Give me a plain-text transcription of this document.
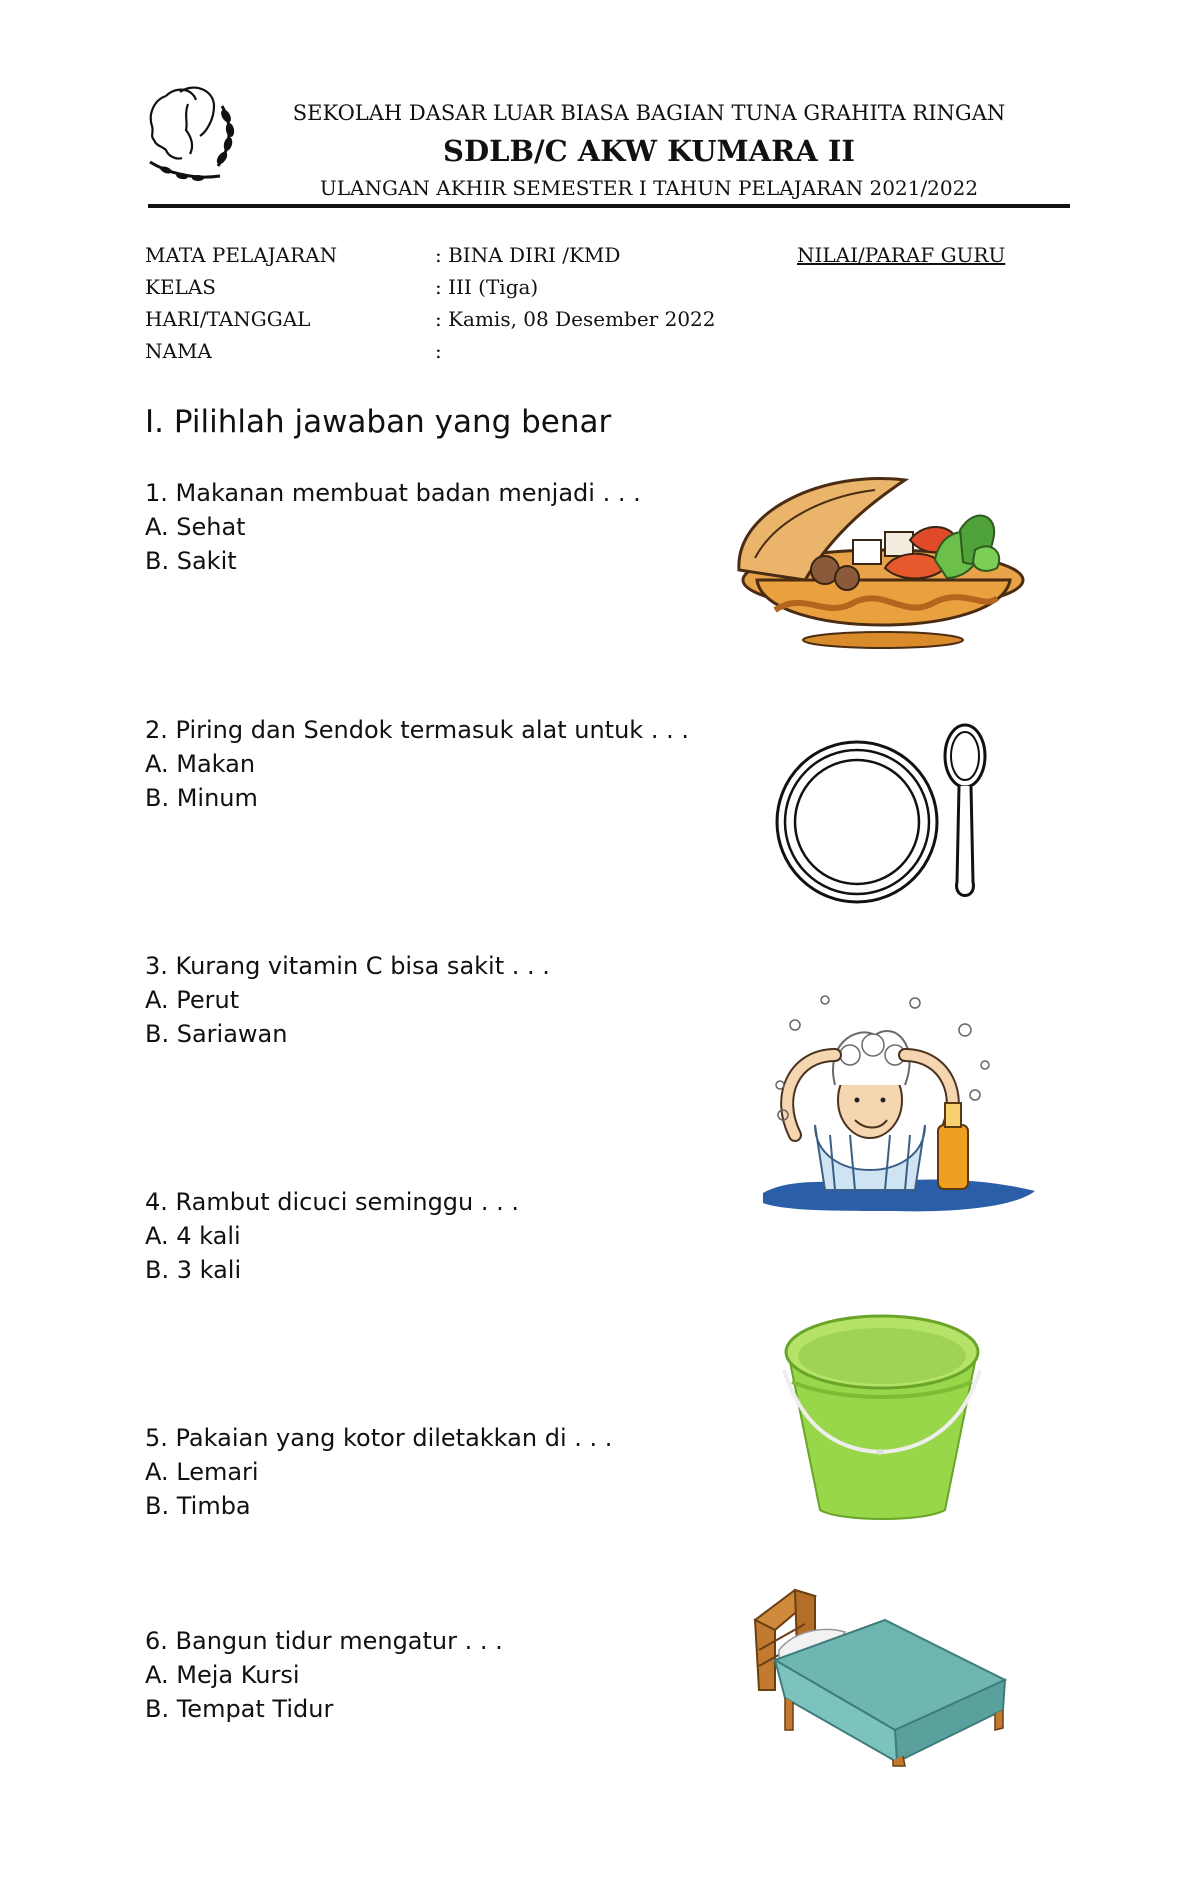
SEKOLAH DASAR LUAR BIASA BAGIAN TUNA GRAHITA RINGAN
SDLB/C AKW KUMARA II
ULANGAN AKHIR SEMESTER I TAHUN PELAJARAN 2021/2022
MATA PELAJARAN	: BINA DIRI /KMD	NILAI/PARAF GURU
KELAS	: III (Tiga)
HARI/TANGGAL	: Kamis, 08 Desember 2022
NAMA	:
I. Pilihlah jawaban yang benar
1. Makanan membuat badan menjadi . . .
A. Sehat
B. Sakit
2. Piring dan Sendok termasuk alat untuk . . .
A. Makan
B. Minum
3. Kurang vitamin C bisa sakit . . .
A. Perut
B. Sariawan
4. Rambut dicuci seminggu . . .
A. 4 kali
B. 3 kali
5. Pakaian yang kotor diletakkan di . . .
A. Lemari
B. Timba
6. Bangun tidur mengatur . . .
A. Meja Kursi
B. Tempat Tidur
